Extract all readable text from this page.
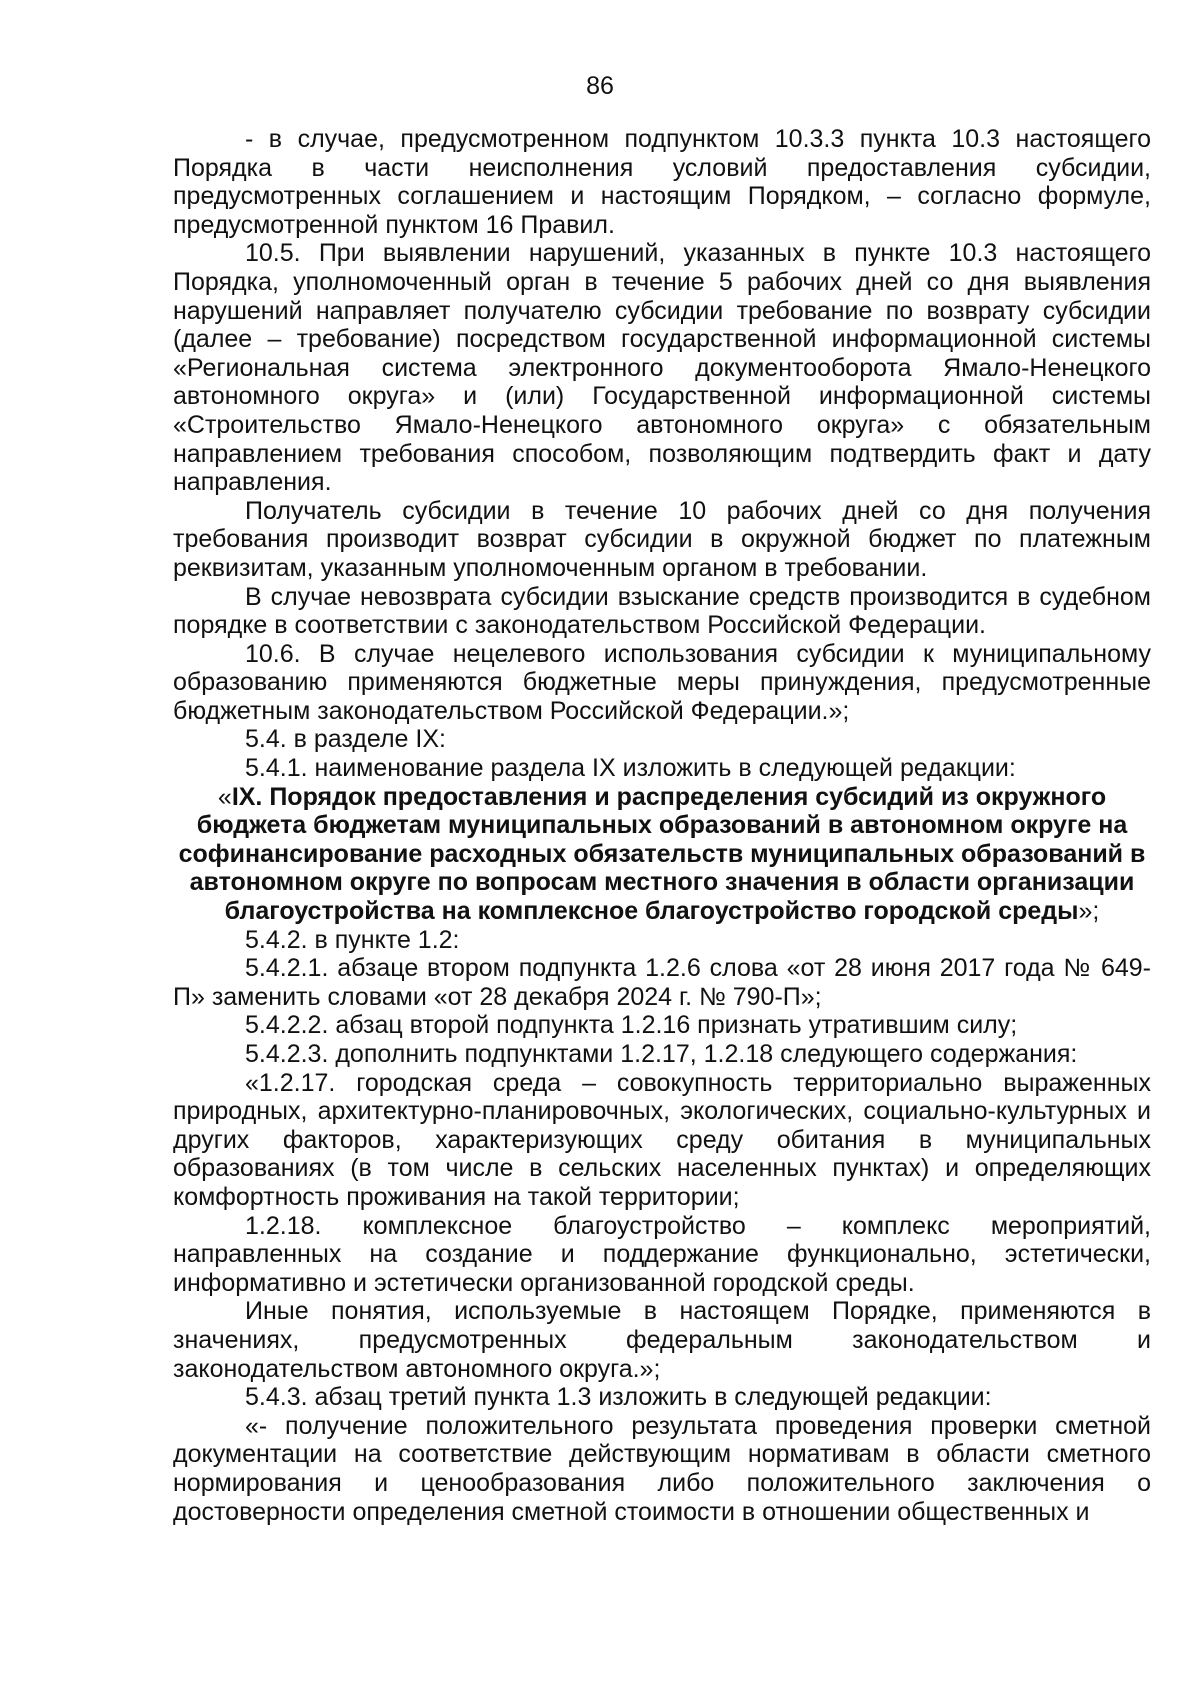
86

- в случае, предусмотренном подпунктом 10.3.3 пункта 10.3 настоящего Порядка в части неисполнения условий предоставления субсидии, предусмотренных соглашением и настоящим Порядком, – согласно формуле, предусмотренной пунктом 16 Правил.

10.5. При выявлении нарушений, указанных в пункте 10.3 настоящего Порядка, уполномоченный орган в течение 5 рабочих дней со дня выявления нарушений направляет получателю субсидии требование по возврату субсидии (далее – требование) посредством государственной информационной системы «Региональная система электронного документооборота Ямало-Ненецкого автономного округа» и (или) Государственной информационной системы «Строительство Ямало-Ненецкого автономного округа» с обязательным направлением требования способом, позволяющим подтвердить факт и дату направления.

Получатель субсидии в течение 10 рабочих дней со дня получения требования производит возврат субсидии в окружной бюджет по платежным реквизитам, указанным уполномоченным органом в требовании.

В случае невозврата субсидии взыскание средств производится в судебном порядке в соответствии с законодательством Российской Федерации.

10.6. В случае нецелевого использования субсидии к муниципальному образованию применяются бюджетные меры принуждения, предусмотренные бюджетным законодательством Российской Федерации.»;

5.4. в разделе IX:

5.4.1. наименование раздела IX изложить в следующей редакции:

«IX. Порядок предоставления и распределения субсидий из окружного бюджета бюджетам муниципальных образований в автономном округе на софинансирование расходных обязательств муниципальных образований в автономном округе по вопросам местного значения в области организации благоустройства на комплексное благоустройство городской среды»;

5.4.2. в пункте 1.2:

5.4.2.1. абзаце втором подпункта 1.2.6 слова «от 28 июня 2017 года № 649-П» заменить словами «от 28 декабря 2024 г. № 790-П»;

5.4.2.2. абзац второй подпункта 1.2.16 признать утратившим силу;

5.4.2.3. дополнить подпунктами 1.2.17, 1.2.18 следующего содержания:

«1.2.17. городская среда – совокупность территориально выраженных природных, архитектурно-планировочных, экологических, социально-культурных и других факторов, характеризующих среду обитания в муниципальных образованиях (в том числе в сельских населенных пунктах) и определяющих комфортность проживания на такой территории;

1.2.18. комплексное благоустройство – комплекс мероприятий, направленных на создание и поддержание функционально, эстетически, информативно и эстетически организованной городской среды.

Иные понятия, используемые в настоящем Порядке, применяются в значениях, предусмотренных федеральным законодательством и законодательством автономного округа.»;

5.4.3. абзац третий пункта 1.3 изложить в следующей редакции:

«- получение положительного результата проведения проверки сметной документации на соответствие действующим нормативам в области сметного нормирования и ценообразования либо положительного заключения о достоверности определения сметной стоимости в отношении общественных и
